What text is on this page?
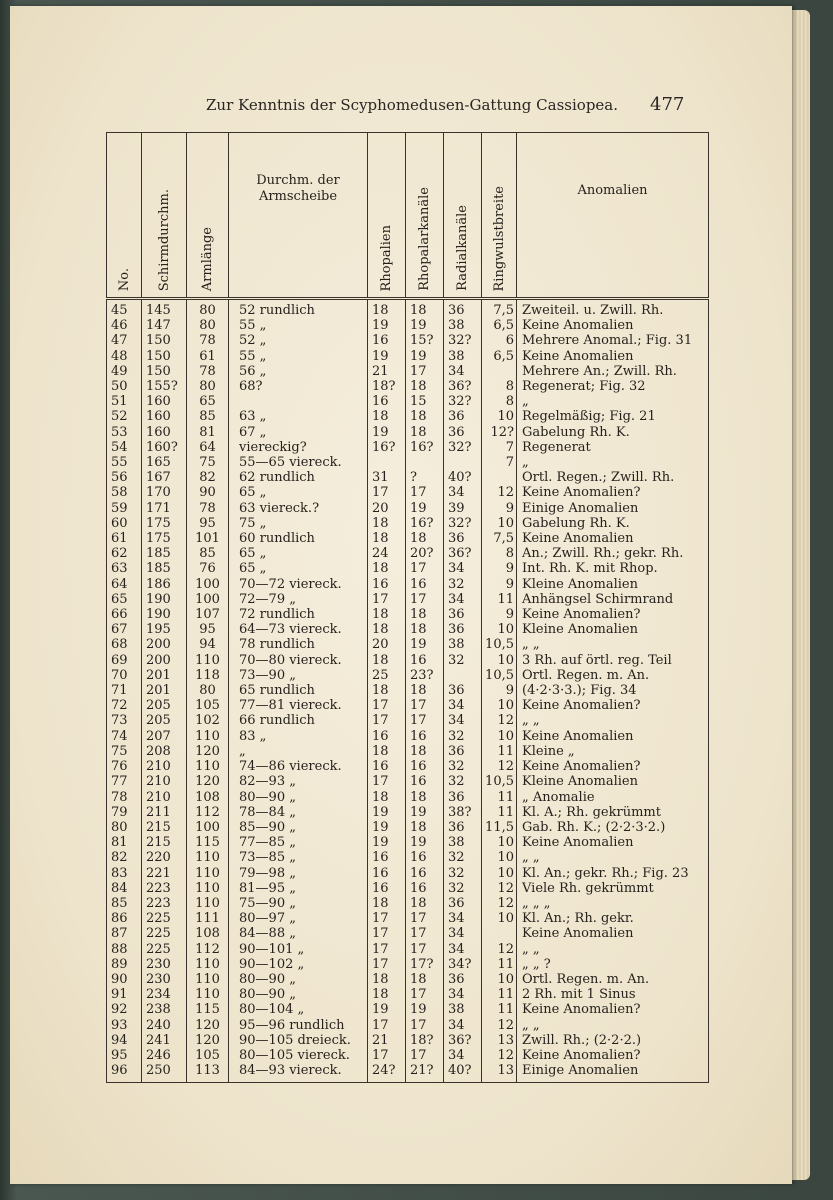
Zur Kenntnis der Scyphomedusen-Gattung Cassiopea. 477
No.	Schirmdurchm.	Armlänge	Durchm. der Armscheibe	Rhopalien	Rhopalarkanäle	Radialkanäle	Ringwulstbreite	Anomalien
45	145	80	52 rundlich	18	18	36	7,5	Zweiteil. u. Zwill. Rh.
46	147	80	55 „	19	19	38	6,5	Keine Anomalien
47	150	78	52 „	16	15?	32?	6	Mehrere Anomal.; Fig. 31
48	150	61	55 „	19	19	38	6,5	Keine Anomalien
49	150	78	56 „	21	17	34		Mehrere An.; Zwill. Rh.
50	155?	80	68?	18?	18	36?	8	Regenerat; Fig. 32
51	160	65		16	15	32?	8	„
52	160	85	63 „	18	18	36	10	Regelmäßig; Fig. 21
53	160	81	67 „	19	18	36	12?	Gabelung Rh. K.
54	160?	64	viereckig?	16?	16?	32?	7	Regenerat
55	165	75	55—65 viereck.				7	„
56	167	82	62 rundlich	31	?	40?		Örtl. Regen.; Zwill. Rh.
58	170	90	65 „	17	17	34	12	Keine Anomalien?
59	171	78	63 viereck.?	20	19	39	9	Einige Anomalien
60	175	95	75 „	18	16?	32?	10	Gabelung Rh. K.
61	175	101	60 rundlich	18	18	36	7,5	Keine Anomalien
62	185	85	65 „	24	20?	36?	8	An.; Zwill. Rh.; gekr. Rh.
63	185	76	65 „	18	17	34	9	Int. Rh. K. mit Rhop.
64	186	100	70—72 viereck.	16	16	32	9	Kleine Anomalien
65	190	100	72—79 „	17	17	34	11	Anhängsel Schirmrand
66	190	107	72 rundlich	18	18	36	9	Keine Anomalien?
67	195	95	64—73 viereck.	18	18	36	10	Kleine Anomalien
68	200	94	78 rundlich	20	19	38	10,5	„ „
69	200	110	70—80 viereck.	18	16	32	10	3 Rh. auf örtl. reg. Teil
70	201	118	73—90 „	25	23?		10,5	Örtl. Regen. m. An.
71	201	80	65 rundlich	18	18	36	9	(4·2·3·3.); Fig. 34
72	205	105	77—81 viereck.	17	17	34	10	Keine Anomalien?
73	205	102	66 rundlich	17	17	34	12	„ „
74	207	110	83 „	16	16	32	10	Keine Anomalien
75	208	120	„	18	18	36	11	Kleine „
76	210	110	74—86 viereck.	16	16	32	12	Keine Anomalien?
77	210	120	82—93 „	17	16	32	10,5	Kleine Anomalien
78	210	108	80—90 „	18	18	36	11	„ Anomalie
79	211	112	78—84 „	19	19	38?	11	Kl. A.; Rh. gekrümmt
80	215	100	85—90 „	19	18	36	11,5	Gab. Rh. K.; (2·2·3·2.)
81	215	115	77—85 „	19	19	38	10	Keine Anomalien
82	220	110	73—85 „	16	16	32	10	„ „
83	221	110	79—98 „	16	16	32	10	Kl. An.; gekr. Rh.; Fig. 23
84	223	110	81—95 „	16	16	32	12	Viele Rh. gekrümmt
85	223	110	75—90 „	18	18	36	12	„ „ „
86	225	111	80—97 „	17	17	34	10	Kl. An.; Rh. gekr.
87	225	108	84—88 „	17	17	34		Keine Anomalien
88	225	112	90—101 „	17	17	34	12	„ „
89	230	110	90—102 „	17	17?	34?	11	„ „ ?
90	230	110	80—90 „	18	18	36	10	Örtl. Regen. m. An.
91	234	110	80—90 „	18	17	34	11	2 Rh. mit 1 Sinus
92	238	115	80—104 „	19	19	38	11	Keine Anomalien?
93	240	120	95—96 rundlich	17	17	34	12	„ „
94	241	120	90—105 dreieck.	21	18?	36?	13	Zwill. Rh.; (2·2·2.)
95	246	105	80—105 viereck.	17	17	34	12	Keine Anomalien?
96	250	113	84—93 viereck.	24?	21?	40?	13	Einige Anomalien
